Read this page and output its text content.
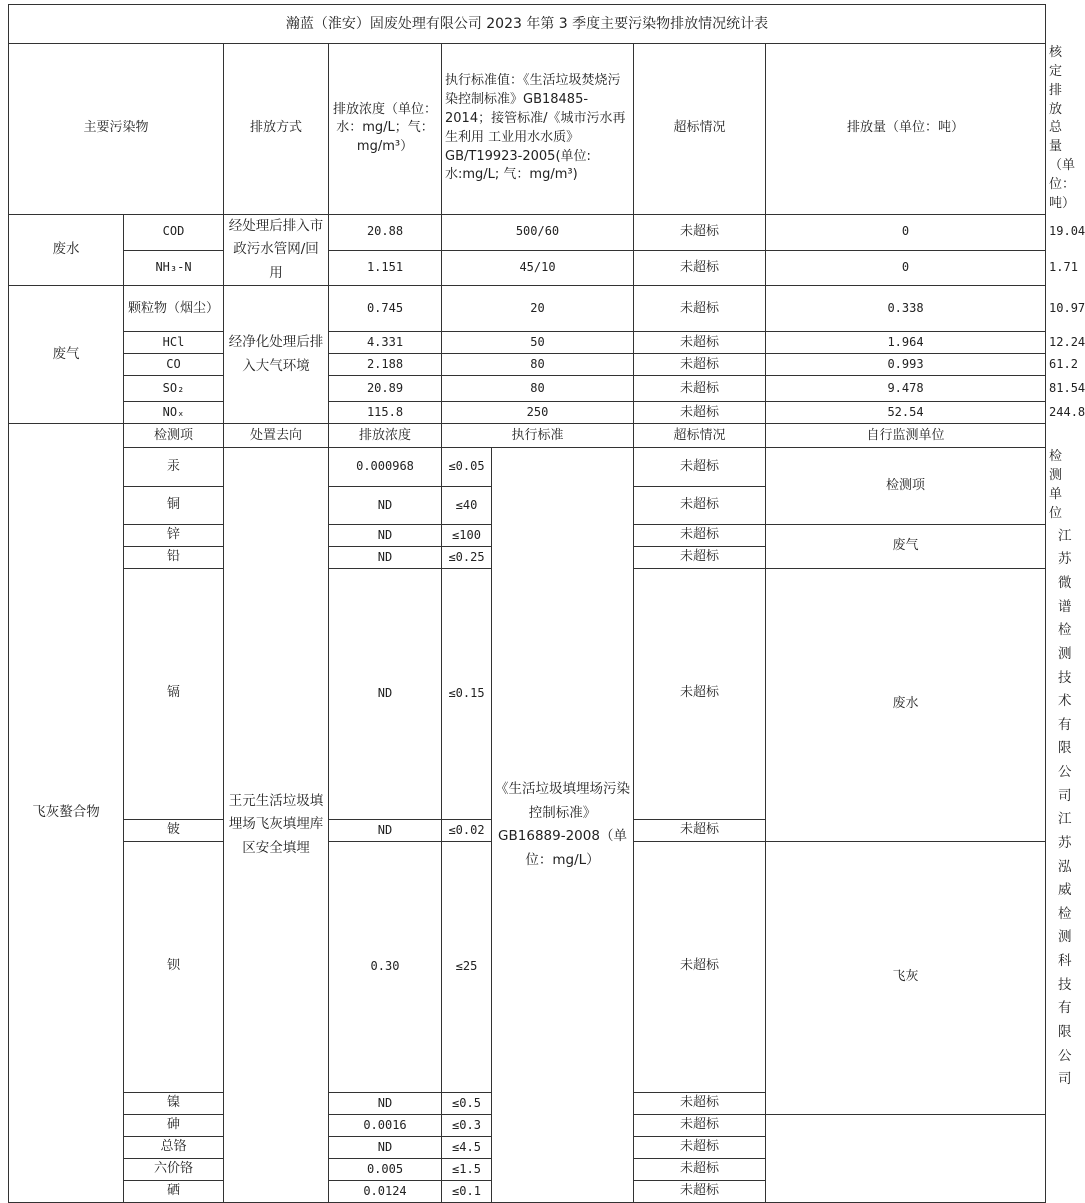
瀚蓝（淮安）固废处理有限公司 2023 年第 3 季度主要污染物排放情况统计表								
主要污染物		排放方式	排放浓度（单位：水：mg/L；气：mg/m³）	执行标准值：《生活垃圾焚烧污染控制标准》GB18485-2014；接管标准/《城市污水再生利用 工业用水水质》GB/T19923-2005(单位:水:mg/L; 气：mg/m³)		超标情况	排放量（单位：吨）	核定排放总量（单位：吨）
废水	COD	经处理后排入市政污水管网/回用	20.88	500/60		未超标	0	19.04
	NH₃-N		1.151	45/10		未超标	0	1.71
废气	颗粒物（烟尘）	经净化处理后排入大气环境	0.745	20		未超标	0.338	10.97
	HCl		4.331	50		未超标	1.964	12.24
	CO		2.188	80		未超标	0.993	61.2
	SO₂		20.89	80		未超标	9.478	81.54
	NOₓ		115.8	250		未超标	52.54	244.8
飞灰螯合物	检测项	处置去向	排放浓度	执行标准		超标情况	自行监测单位	
	汞	王元生活垃圾填埋场飞灰填埋库区安全填埋	0.000968	≤0.05	《生活垃圾填埋场污染控制标准》GB16889-2008（单位：mg/L）	未超标	检测项	检测单位
	铜		ND	≤40		未超标		
	锌		ND	≤100		未超标	废气	江苏微谱检测技术有限公司江苏泓威检测科技有限公司
	铅		ND	≤0.25		未超标		
	镉		ND	≤0.15		未超标	废水	
	铍		ND	≤0.02		未超标		
	钡		0.30	≤25		未超标	飞灰	
	镍		ND	≤0.5		未超标		
	砷		0.0016	≤0.3		未超标		
	总铬		ND	≤4.5		未超标		
	六价铬		0.005	≤1.5		未超标		
	硒		0.0124	≤0.1		未超标		
